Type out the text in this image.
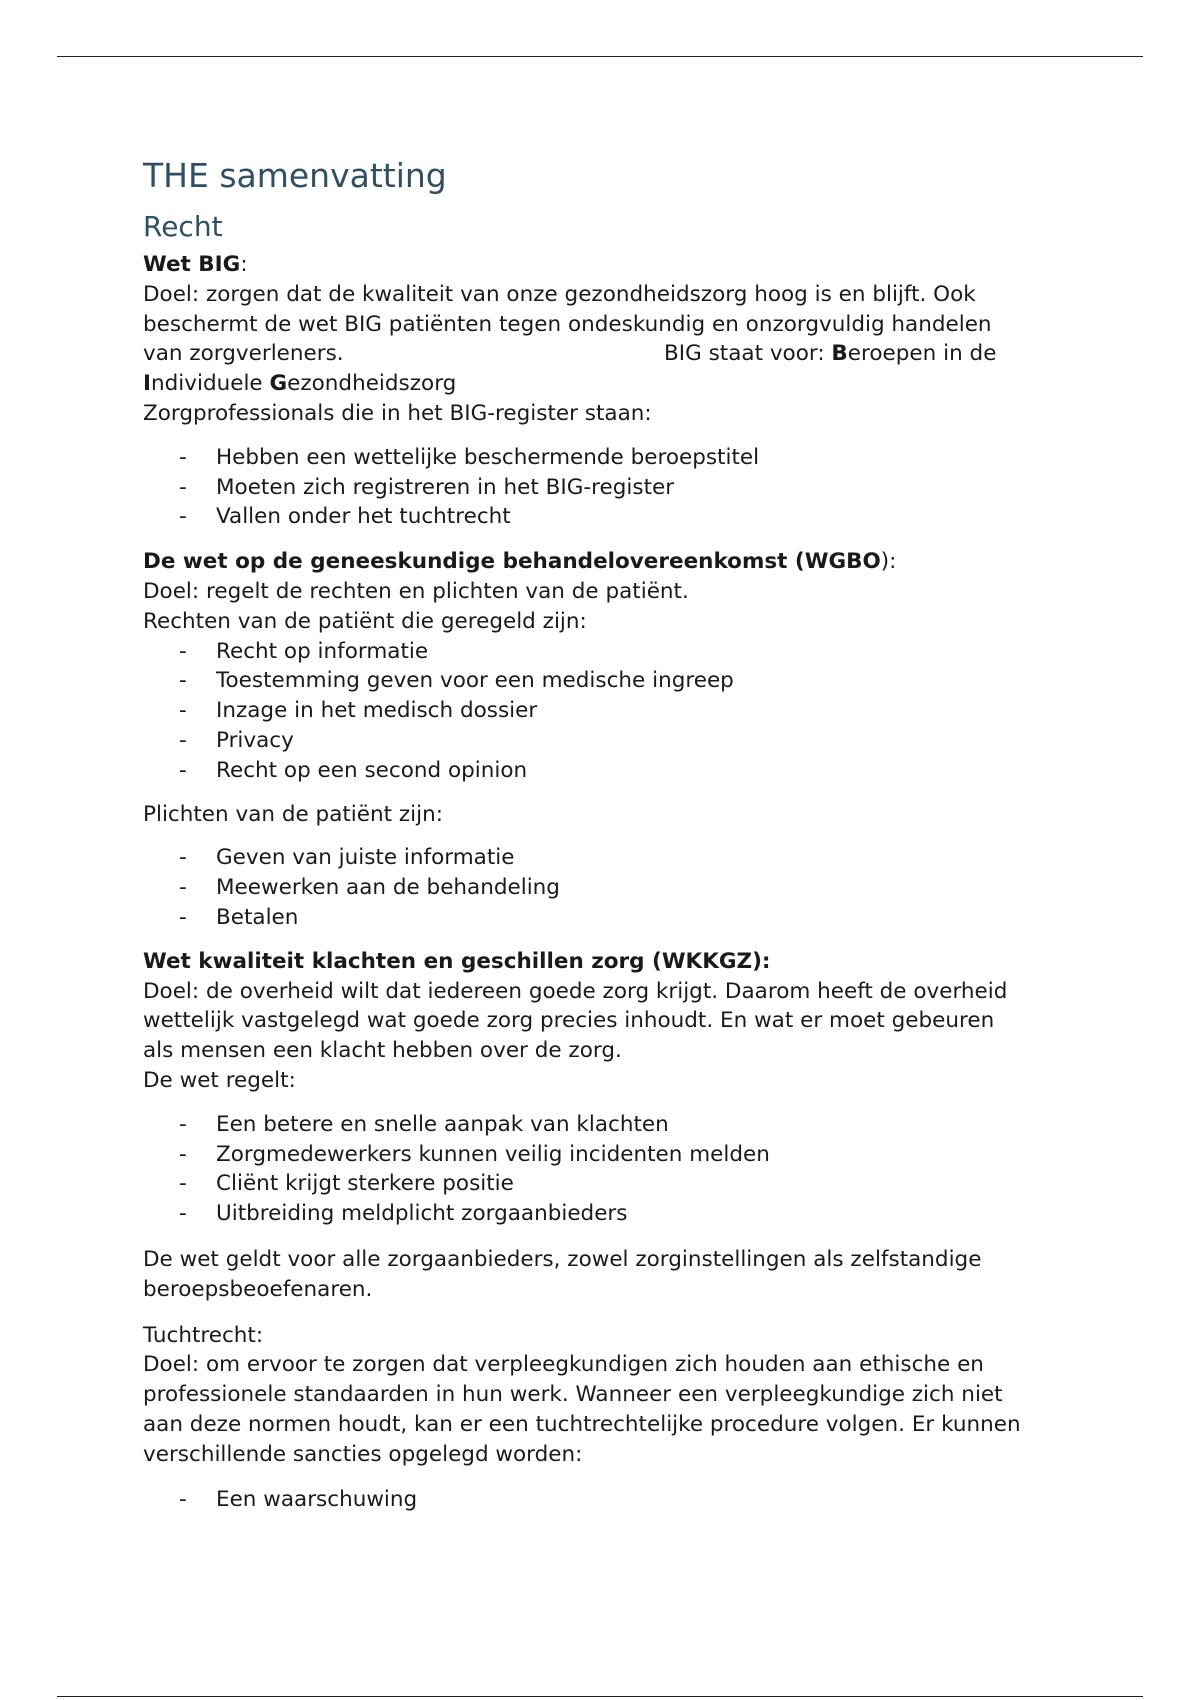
THE samenvatting
Recht

Wet BIG:

Doel: zorgen dat de kwaliteit van onze gezondheidszorg hoog is en blijft. Ook

beschermt de wet BIG patiënten tegen ondeskundig en onzorgvuldig handelen

van zorgverleners.	BIG staat voor: Beroepen in de

Individuele Gezondheidszorg

Zorgprofessionals die in het BIG-register staan:

- Hebben een wettelijke beschermende beroepstitel
- Moeten zich registreren in het BIG-register
- Vallen onder het tuchtrecht

De wet op de geneeskundige behandelovereenkomst (WGBO):

Doel: regelt de rechten en plichten van de patiënt.

Rechten van de patiënt die geregeld zijn:

- Recht op informatie
- Toestemming geven voor een medische ingreep
- Inzage in het medisch dossier
- Privacy
- Recht op een second opinion

Plichten van de patiënt zijn:

- Geven van juiste informatie
- Meewerken aan de behandeling
- Betalen

Wet kwaliteit klachten en geschillen zorg (WKKGZ):

Doel: de overheid wilt dat iedereen goede zorg krijgt. Daarom heeft de overheid

wettelijk vastgelegd wat goede zorg precies inhoudt. En wat er moet gebeuren

als mensen een klacht hebben over de zorg.

De wet regelt:

- Een betere en snelle aanpak van klachten
- Zorgmedewerkers kunnen veilig incidenten melden
- Cliënt krijgt sterkere positie
- Uitbreiding meldplicht zorgaanbieders

De wet geldt voor alle zorgaanbieders, zowel zorginstellingen als zelfstandige

beroepsbeoefenaren.

Tuchtrecht:

Doel: om ervoor te zorgen dat verpleegkundigen zich houden aan ethische en

professionele standaarden in hun werk. Wanneer een verpleegkundige zich niet

aan deze normen houdt, kan er een tuchtrechtelijke procedure volgen. Er kunnen

verschillende sancties opgelegd worden:

- Een waarschuwing
